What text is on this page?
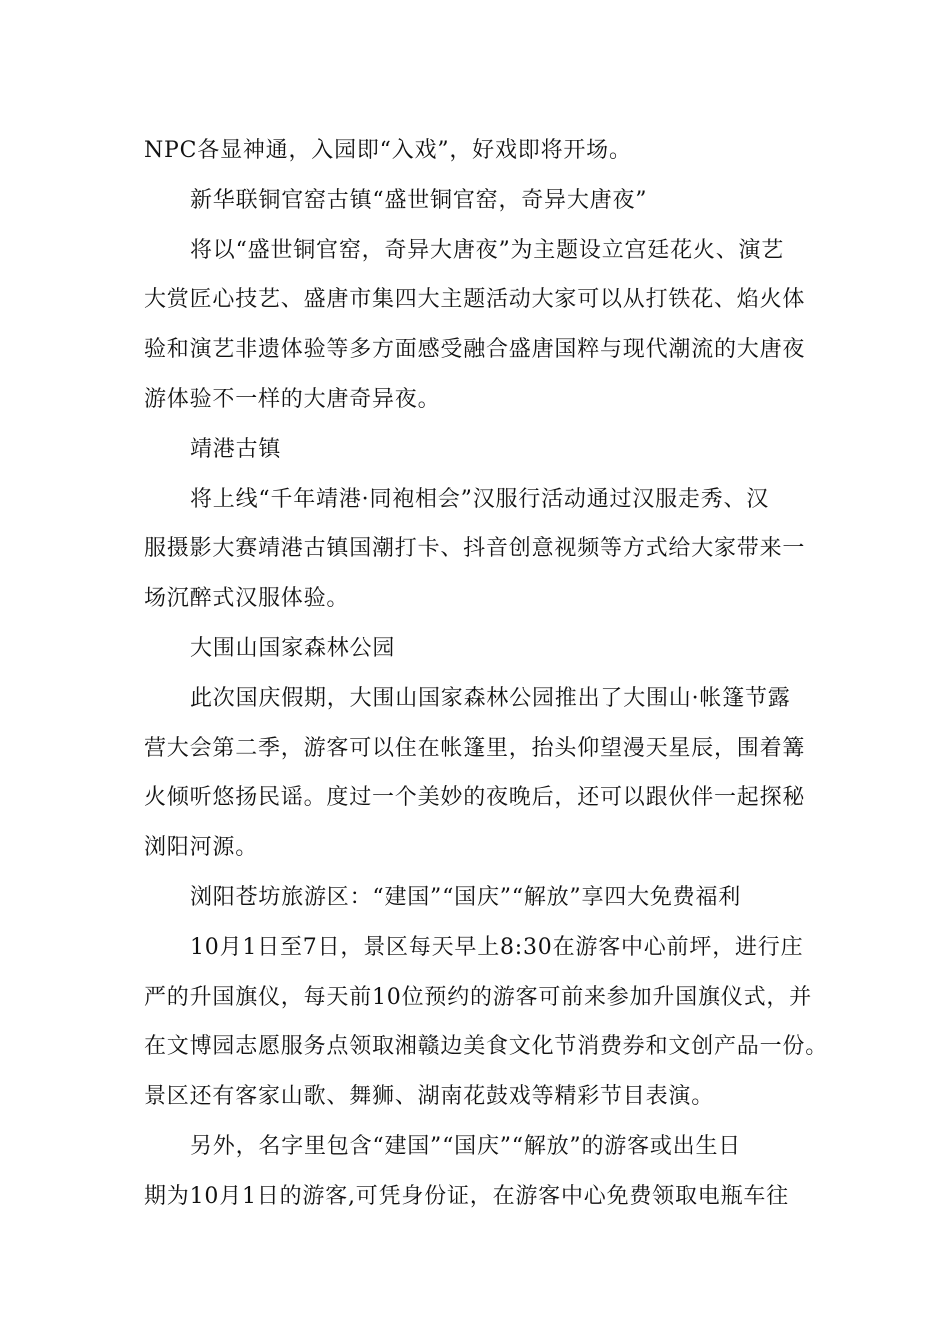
NPC各显神通，入园即“入戏”，好戏即将开场。
新华联铜官窑古镇“盛世铜官窑，奇异大唐夜”
将以“盛世铜官窑，奇异大唐夜”为主题设立宫廷花火、演艺
大赏匠心技艺、盛唐市集四大主题活动大家可以从打铁花、焰火体
验和演艺非遗体验等多方面感受融合盛唐国粹与现代潮流的大唐夜
游体验不一样的大唐奇异夜。
靖港古镇
将上线“千年靖港·同袍相会”汉服行活动通过汉服走秀、汉
服摄影大赛靖港古镇国潮打卡、抖音创意视频等方式给大家带来一
场沉醉式汉服体验。
大围山国家森林公园
此次国庆假期，大围山国家森林公园推出了大围山·帐篷节露
营大会第二季，游客可以住在帐篷里，抬头仰望漫天星辰，围着篝
火倾听悠扬民谣。度过一个美妙的夜晚后，还可以跟伙伴一起探秘
浏阳河源。
浏阳苍坊旅游区：“建国”“国庆”“解放”享四大免费福利
10月1日至7日，景区每天早上8:30在游客中心前坪，进行庄
严的升国旗仪，每天前10位预约的游客可前来参加升国旗仪式，并
在文博园志愿服务点领取湘赣边美食文化节消费券和文创产品一份。
景区还有客家山歌、舞狮、湖南花鼓戏等精彩节目表演。
另外，名字里包含“建国”“国庆”“解放”的游客或出生日
期为10月1日的游客,可凭身份证，在游客中心免费领取电瓶车往
